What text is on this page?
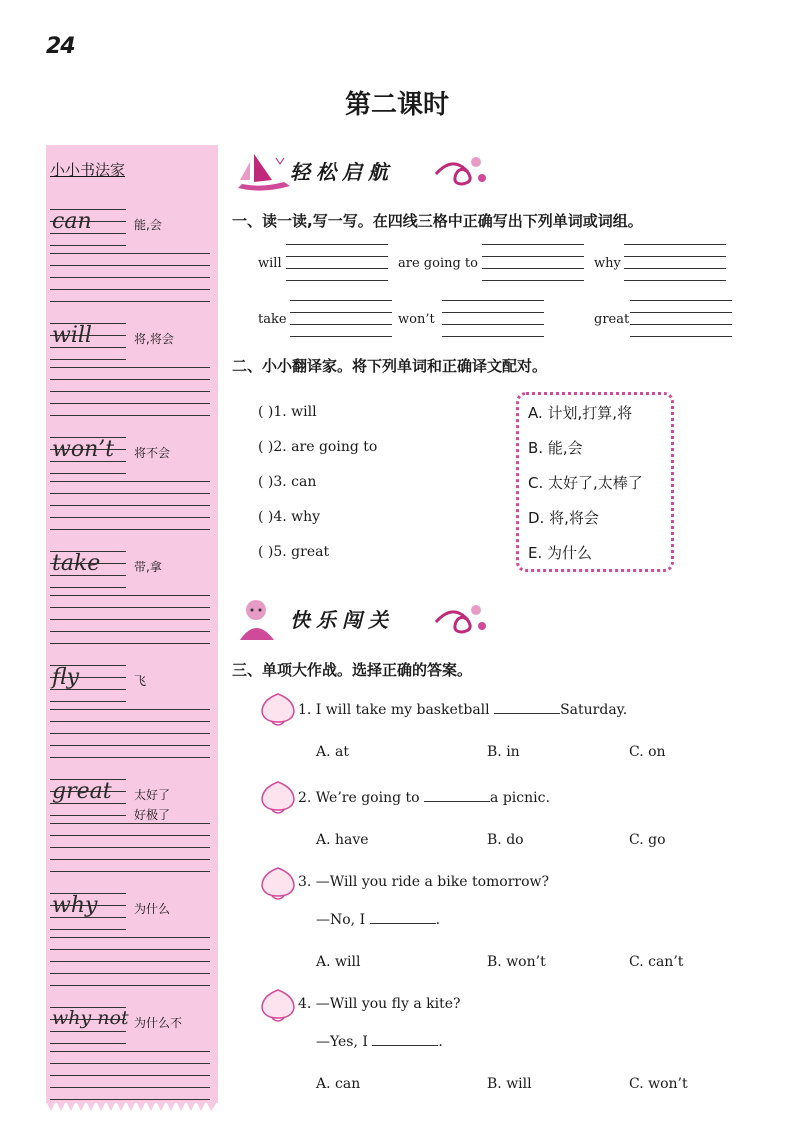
24
第二课时
小小书法家
can	能,会
will	将,将会
won’t 将不会
take	带,拿
fly	飞
great 太好了
好极了
why	为什么
why not 为什么不
轻松启航
一、读一读,写一写。在四线三格中正确写出下列单词或词组。
will	are going to	why
take	won’t	great
二、小小翻译家。将下列单词和正确译文配对。
( )1. will
( )2. are going to
( )3. can
( )4. why
( )5. great
A. 计划,打算,将
B. 能,会
C. 太好了,太棒了
D. 将,将会
E. 为什么
快乐闯关
三、单项大作战。选择正确的答案。
1. I will take my basketball	Saturday.
A. at	B. in	C. on
2. We’re going to	a picnic.
A. have	B. do	C. go
3. —Will you ride a bike tomorrow?
—No, I	.
A. will	B. won’t	C. can’t
4. —Will you fly a kite?
—Yes, I	.
A. can	B. will	C. won’t
